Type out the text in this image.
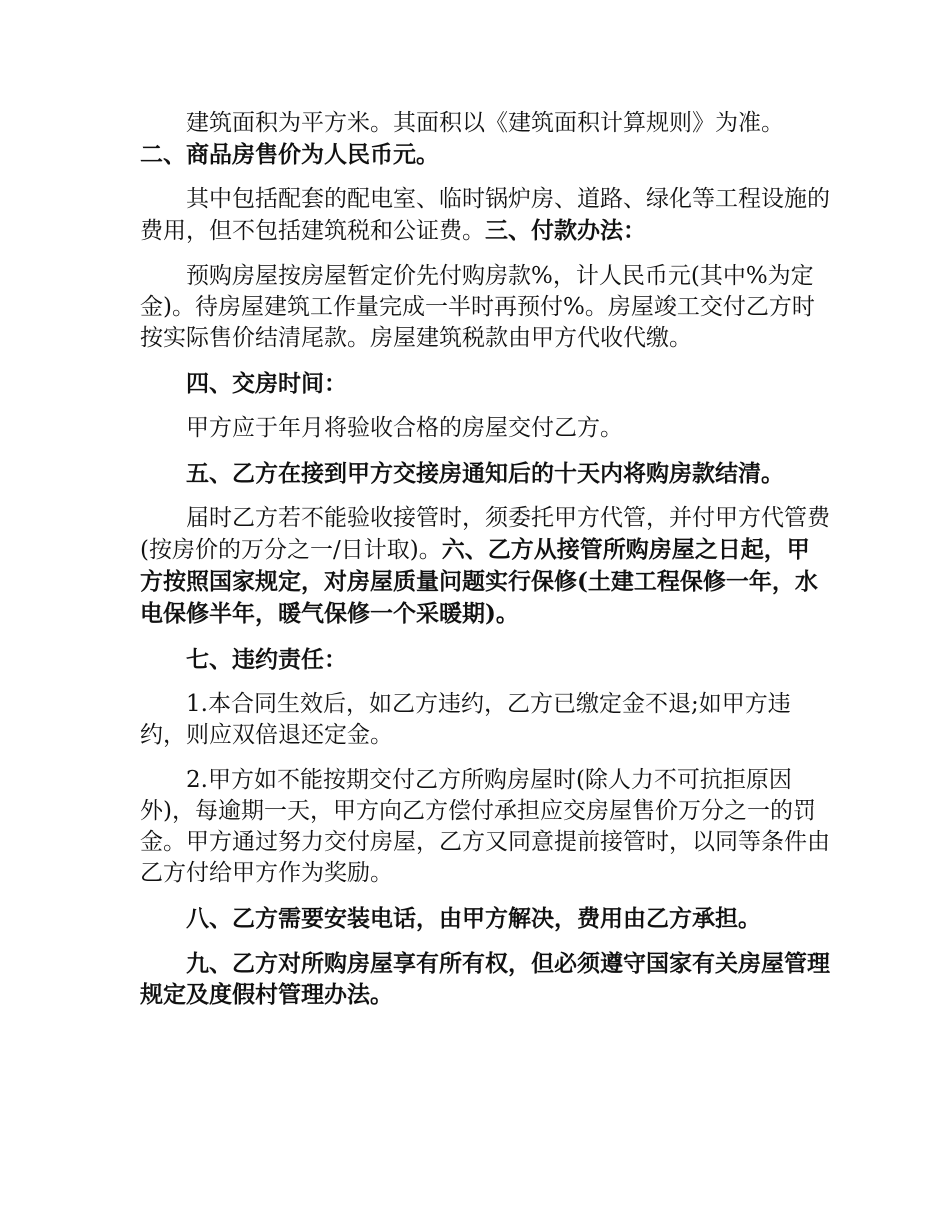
建筑面积为平方米。其面积以《建筑面积计算规则》为准。

二、商品房售价为人民币元。

其中包括配套的配电室、临时锅炉房、道路、绿化等工程设施的费用，但不包括建筑税和公证费。三、付款办法：

预购房屋按房屋暂定价先付购房款%，计人民币元(其中%为定金)。待房屋建筑工作量完成一半时再预付%。房屋竣工交付乙方时按实际售价结清尾款。房屋建筑税款由甲方代收代缴。

四、交房时间：

甲方应于年月将验收合格的房屋交付乙方。

五、乙方在接到甲方交接房通知后的十天内将购房款结清。

届时乙方若不能验收接管时，须委托甲方代管，并付甲方代管费(按房价的万分之一/日计取)。六、乙方从接管所购房屋之日起，甲方按照国家规定，对房屋质量问题实行保修(土建工程保修一年，水电保修半年，暖气保修一个采暖期)。

七、违约责任：

1.本合同生效后，如乙方违约，乙方已缴定金不退;如甲方违约，则应双倍退还定金。

2.甲方如不能按期交付乙方所购房屋时(除人力不可抗拒原因外)，每逾期一天，甲方向乙方偿付承担应交房屋售价万分之一的罚金。甲方通过努力交付房屋，乙方又同意提前接管时，以同等条件由乙方付给甲方作为奖励。

八、乙方需要安装电话，由甲方解决，费用由乙方承担。

九、乙方对所购房屋享有所有权，但必须遵守国家有关房屋管理规定及度假村管理办法。
